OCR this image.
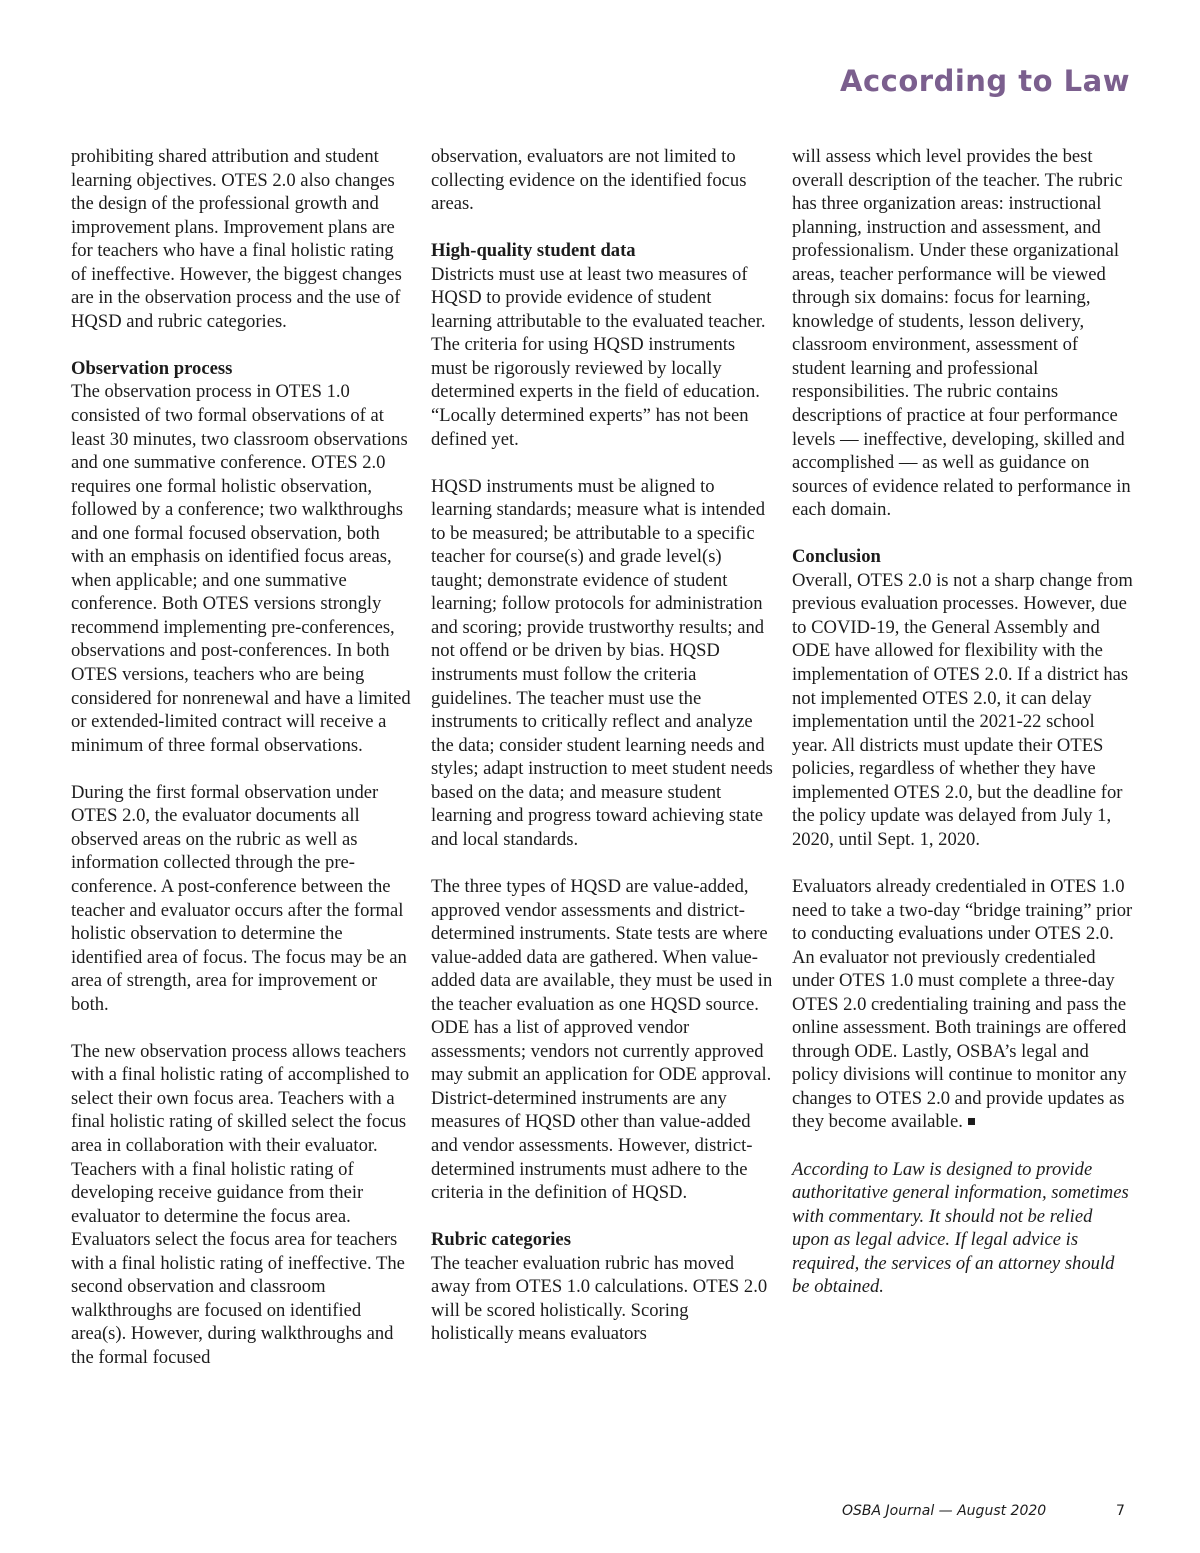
According to Law

prohibiting shared attribution and student learning objectives. OTES 2.0 also changes the design of the professional growth and improvement plans. Improvement plans are for teachers who have a final holistic rating of ineffective. However, the biggest changes are in the observation process and the use of HQSD and rubric categories.

Observation process

The observation process in OTES 1.0 consisted of two formal observations of at least 30 minutes, two classroom observations and one summative conference. OTES 2.0 requires one formal holistic observation, followed by a conference; two walkthroughs and one formal focused observation, both with an emphasis on identified focus areas, when applicable; and one summative conference. Both OTES versions strongly recommend implementing pre-conferences, observations and post-conferences. In both OTES versions, teachers who are being considered for nonrenewal and have a limited or extended-limited contract will receive a minimum of three formal observations.

During the first formal observation under OTES 2.0, the evaluator documents all observed areas on the rubric as well as information collected through the pre-conference. A post-conference between the teacher and evaluator occurs after the formal holistic observation to determine the identified area of focus. The focus may be an area of strength, area for improvement or both.

The new observation process allows teachers with a final holistic rating of accomplished to select their own focus area. Teachers with a final holistic rating of skilled select the focus area in collaboration with their evaluator. Teachers with a final holistic rating of developing receive guidance from their evaluator to determine the focus area. Evaluators select the focus area for teachers with a final holistic rating of ineffective. The second observation and classroom walkthroughs are focused on identified area(s). However, during walkthroughs and the formal focused

observation, evaluators are not limited to collecting evidence on the identified focus areas.

High-quality student data

Districts must use at least two measures of HQSD to provide evidence of student learning attributable to the evaluated teacher. The criteria for using HQSD instruments must be rigorously reviewed by locally determined experts in the field of education. “Locally determined experts” has not been defined yet.

HQSD instruments must be aligned to learning standards; measure what is intended to be measured; be attributable to a specific teacher for course(s) and grade level(s) taught; demonstrate evidence of student learning; follow protocols for administration and scoring; provide trustworthy results; and not offend or be driven by bias. HQSD instruments must follow the criteria guidelines. The teacher must use the instruments to critically reflect and analyze the data; consider student learning needs and styles; adapt instruction to meet student needs based on the data; and measure student learning and progress toward achieving state and local standards.

The three types of HQSD are value-added, approved vendor assessments and district-determined instruments. State tests are where value-added data are gathered. When value-added data are available, they must be used in the teacher evaluation as one HQSD source. ODE has a list of approved vendor assessments; vendors not currently approved may submit an application for ODE approval. District-determined instruments are any measures of HQSD other than value-added and vendor assessments. However, district-determined instruments must adhere to the criteria in the definition of HQSD.

Rubric categories

The teacher evaluation rubric has moved away from OTES 1.0 calculations. OTES 2.0 will be scored holistically. Scoring holistically means evaluators

will assess which level provides the best overall description of the teacher. The rubric has three organization areas: instructional planning, instruction and assessment, and professionalism. Under these organizational areas, teacher performance will be viewed through six domains: focus for learning, knowledge of students, lesson delivery, classroom environment, assessment of student learning and professional responsibilities. The rubric contains descriptions of practice at four performance levels — ineffective, developing, skilled and accomplished — as well as guidance on sources of evidence related to performance in each domain.

Conclusion

Overall, OTES 2.0 is not a sharp change from previous evaluation processes. However, due to COVID-19, the General Assembly and ODE have allowed for flexibility with the implementation of OTES 2.0. If a district has not implemented OTES 2.0, it can delay implementation until the 2021-22 school year. All districts must update their OTES policies, regardless of whether they have implemented OTES 2.0, but the deadline for the policy update was delayed from July 1, 2020, until Sept. 1, 2020.

Evaluators already credentialed in OTES 1.0 need to take a two-day “bridge training” prior to conducting evaluations under OTES 2.0. An evaluator not previously credentialed under OTES 1.0 must complete a three-day OTES 2.0 credentialing training and pass the online assessment. Both trainings are offered through ODE. Lastly, OSBA’s legal and policy divisions will continue to monitor any changes to OTES 2.0 and provide updates as they become available.

According to Law is designed to provide authoritative general information, sometimes with commentary. It should not be relied upon as legal advice. If legal advice is required, the services of an attorney should be obtained.

OSBA Journal — August 2020	7
